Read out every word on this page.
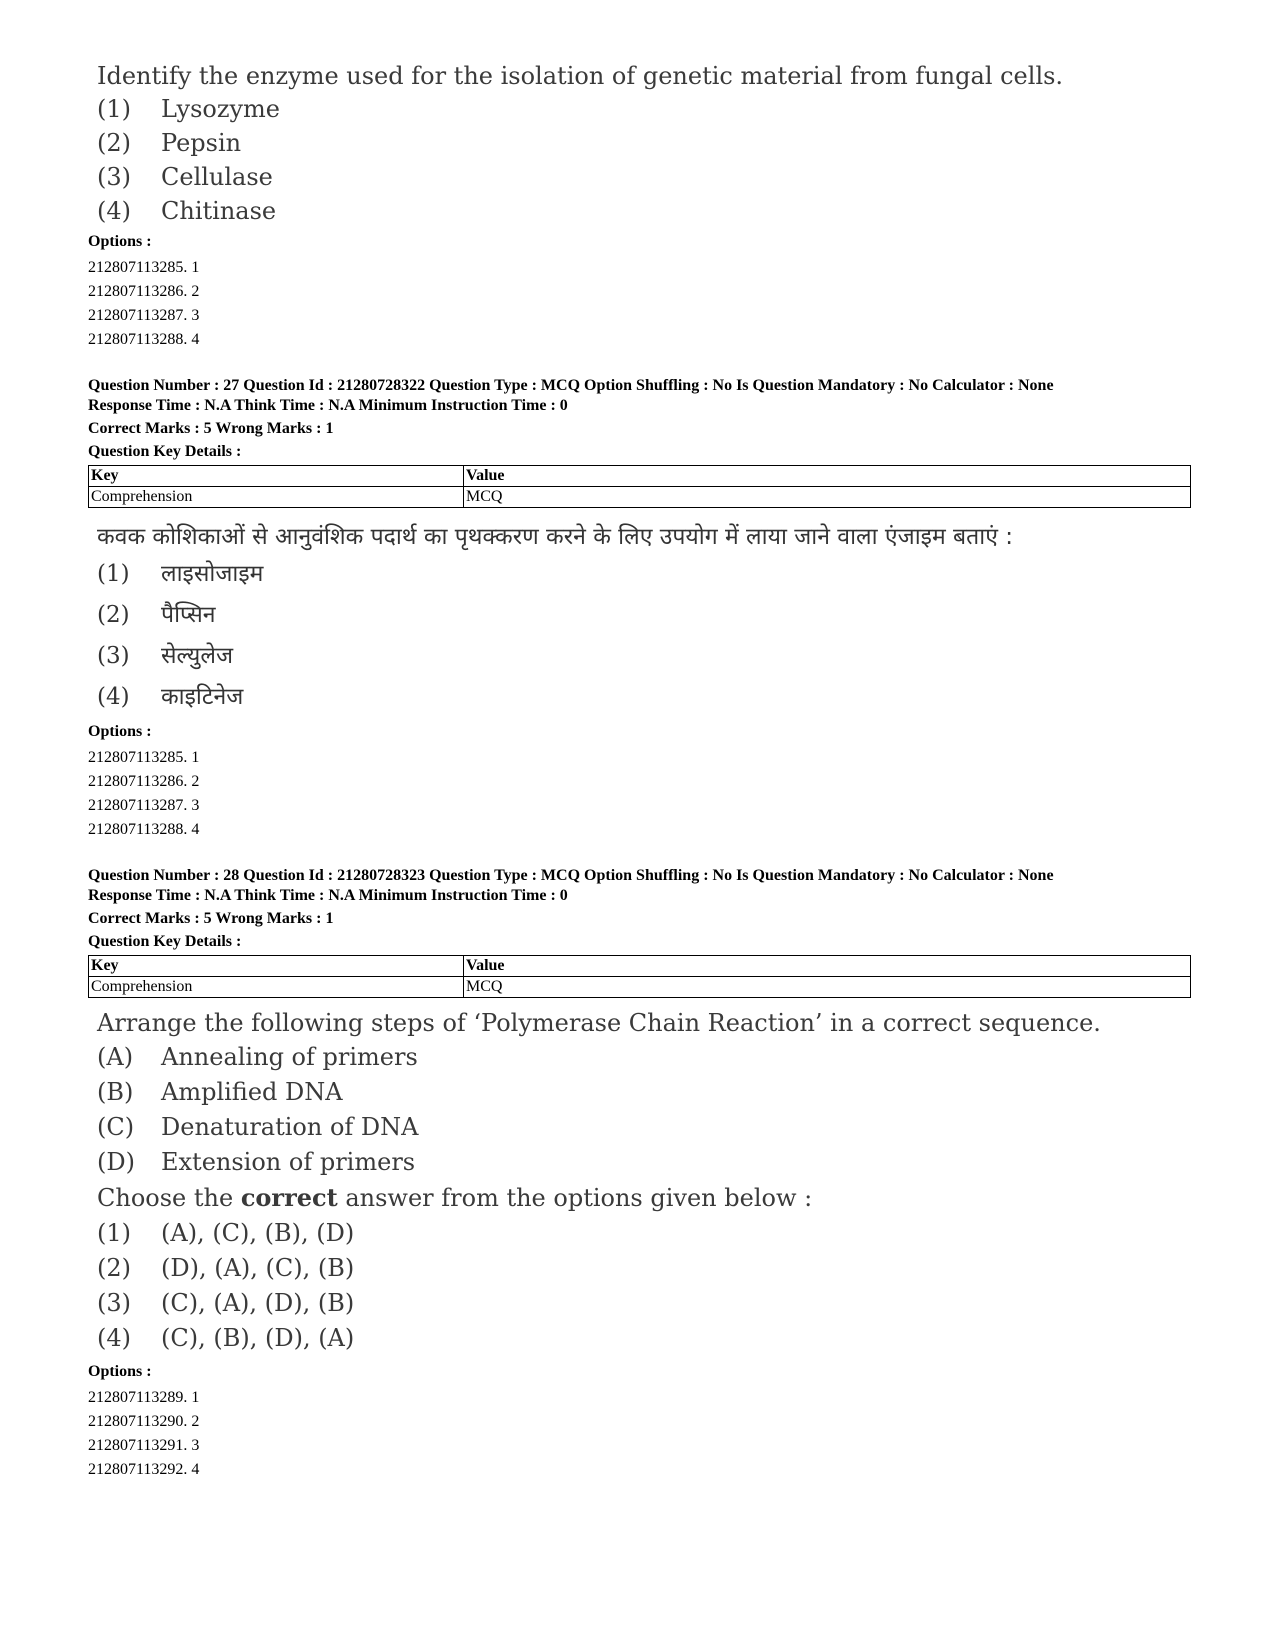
Identify the enzyme used for the isolation of genetic material from fungal cells.
(1)	Lysozyme
(2)	Pepsin
(3)	Cellulase
(4)	Chitinase
Options :
212807113285. 1
212807113286. 2
212807113287. 3
212807113288. 4
Question Number : 27 Question Id : 21280728322 Question Type : MCQ Option Shuffling : No Is Question Mandatory : No Calculator : None
Response Time : N.A Think Time : N.A Minimum Instruction Time : 0
Correct Marks : 5 Wrong Marks : 1
Question Key Details :
Key	Value
Comprehension	MCQ
कवक कोशिकाओं से आनुवंशिक पदार्थ का पृथक्करण करने के लिए उपयोग में लाया जाने वाला एंजाइम बताएं :
(1)	लाइसोजाइम
(2)	पैप्सिन
(3)	सेल्युलेज
(4)	काइटिनेज
Options :
212807113285. 1
212807113286. 2
212807113287. 3
212807113288. 4
Question Number : 28 Question Id : 21280728323 Question Type : MCQ Option Shuffling : No Is Question Mandatory : No Calculator : None
Response Time : N.A Think Time : N.A Minimum Instruction Time : 0
Correct Marks : 5 Wrong Marks : 1
Question Key Details :
Key	Value
Comprehension	MCQ
Arrange the following steps of ‘Polymerase Chain Reaction’ in a correct sequence.
(A)	Annealing of primers
(B)	Amplified DNA
(C)	Denaturation of DNA
(D)	Extension of primers
Choose the correct answer from the options given below :
(1)	(A), (C), (B), (D)
(2)	(D), (A), (C), (B)
(3)	(C), (A), (D), (B)
(4)	(C), (B), (D), (A)
Options :
212807113289. 1
212807113290. 2
212807113291. 3
212807113292. 4
